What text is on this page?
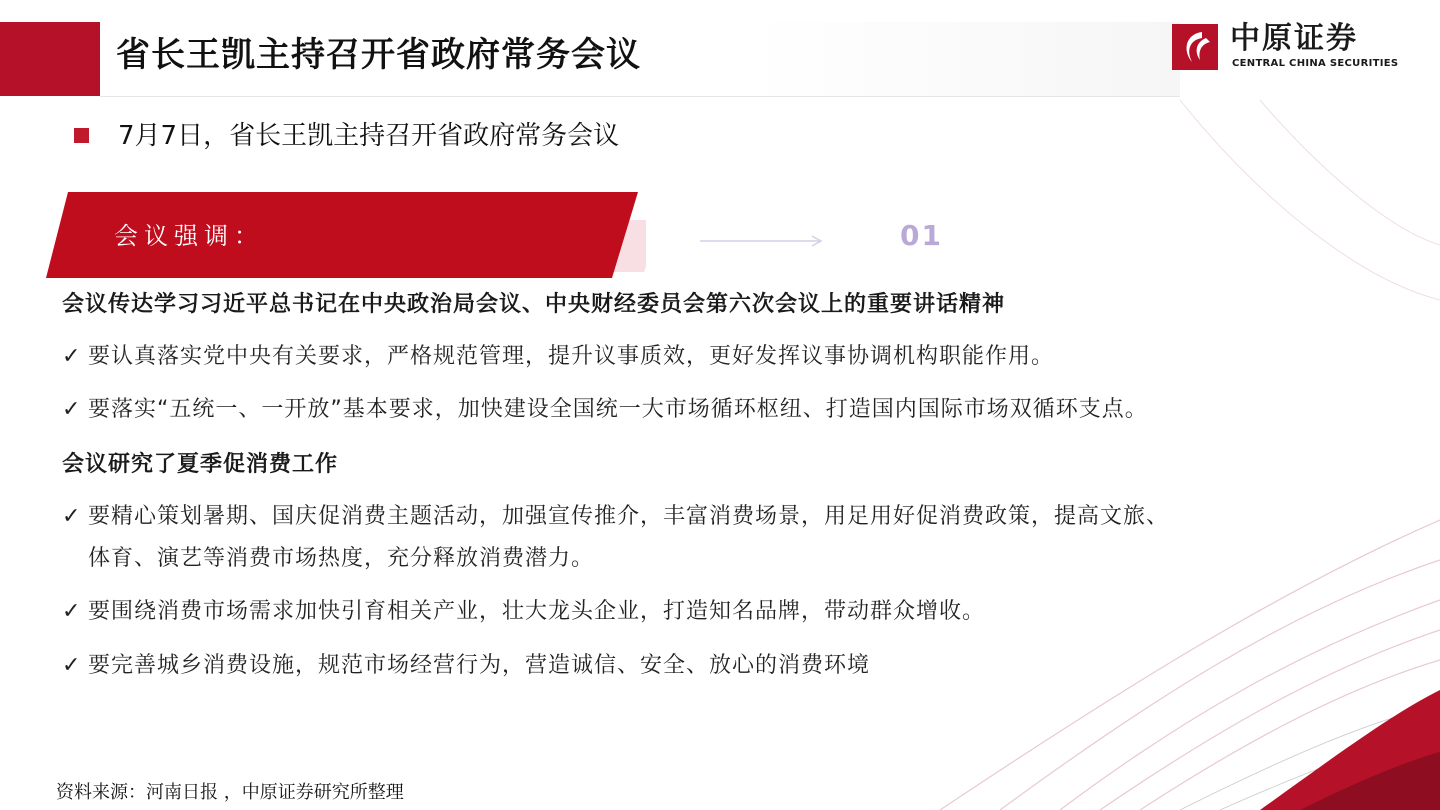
省长王凯主持召开省政府常务会议	中原证券
CENTRAL CHINA SECURITIES
7月7日，省长王凯主持召开省政府常务会议
会议强调：	01
会议传达学习习近平总书记在中央政治局会议、中央财经委员会第六次会议上的重要讲话精神
✓ 要认真落实党中央有关要求，严格规范管理，提升议事质效，更好发挥议事协调机构职能作用。
✓ 要落实“五统一、一开放”基本要求，加快建设全国统一大市场循环枢纽、打造国内国际市场双循环支点。
会议研究了夏季促消费工作
✓ 要精心策划暑期、国庆促消费主题活动，加强宣传推介，丰富消费场景，用足用好促消费政策，提高文旅、
体育、演艺等消费市场热度，充分释放消费潜力。
✓ 要围绕消费市场需求加快引育相关产业，壮大龙头企业，打造知名品牌，带动群众增收。
✓ 要完善城乡消费设施，规范市场经营行为，营造诚信、安全、放心的消费环境
资料来源：河南日报 ，中原证券研究所整理
